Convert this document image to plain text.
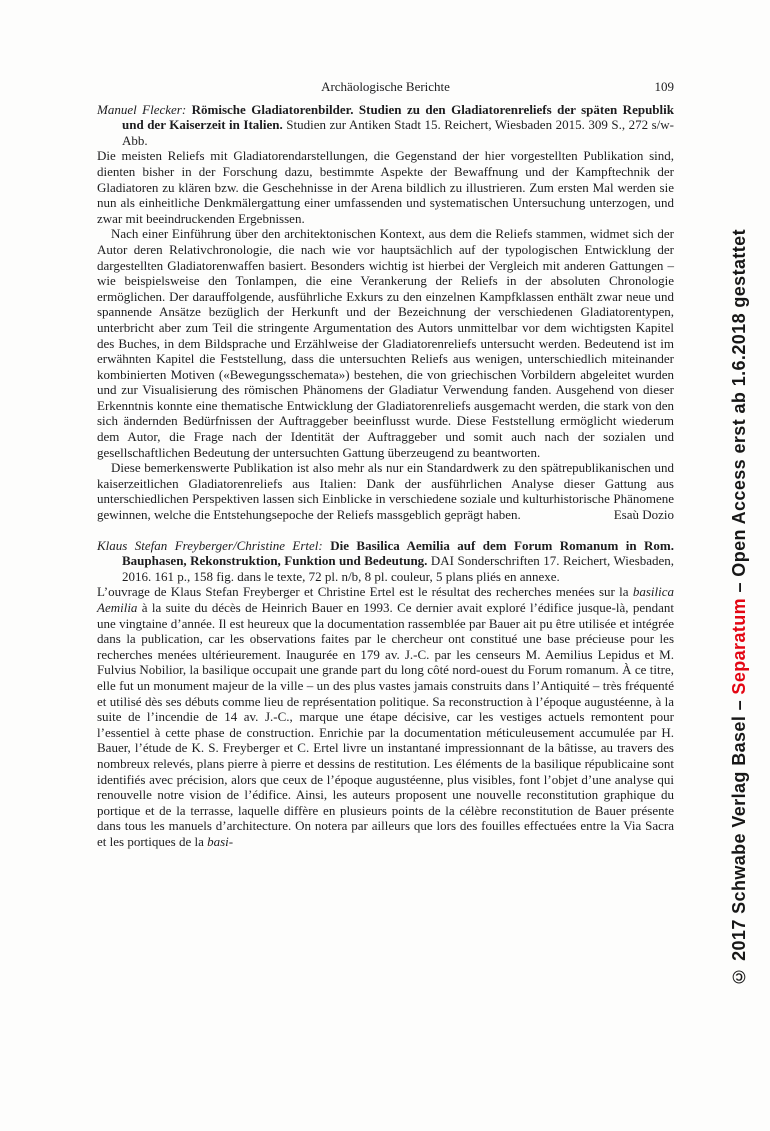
Archäologische Berichte	109

Manuel Flecker: Römische Gladiatorenbilder. Studien zu den Gladiatorenreliefs der späten Republik und der Kaiserzeit in Italien. Studien zur Antiken Stadt 15. Reichert, Wiesbaden 2015. 309 S., 272 s/w-Abb.

Die meisten Reliefs mit Gladiatorendarstellungen, die Gegenstand der hier vorgestellten Publikation sind, dienten bisher in der Forschung dazu, bestimmte Aspekte der Bewaffnung und der Kampftechnik der Gladiatoren zu klären bzw. die Geschehnisse in der Arena bildlich zu illustrieren. Zum ersten Mal werden sie nun als einheitliche Denkmälergattung einer umfassenden und systematischen Untersuchung unterzogen, und zwar mit beeindruckenden Ergebnissen.

Nach einer Einführung über den architektonischen Kontext, aus dem die Reliefs stammen, widmet sich der Autor deren Relativchronologie, die nach wie vor hauptsächlich auf der typologischen Entwicklung der dargestellten Gladiatorenwaffen basiert. Besonders wichtig ist hierbei der Vergleich mit anderen Gattungen – wie beispielsweise den Tonlampen, die eine Verankerung der Reliefs in der absoluten Chronologie ermöglichen. Der darauffolgende, ausführliche Exkurs zu den einzelnen Kampfklassen enthält zwar neue und spannende Ansätze bezüglich der Herkunft und der Bezeichnung der verschiedenen Gladiatorentypen, unterbricht aber zum Teil die stringente Argumentation des Autors unmittelbar vor dem wichtigsten Kapitel des Buches, in dem Bildsprache und Erzählweise der Gladiatorenreliefs untersucht werden. Bedeutend ist im erwähnten Kapitel die Feststellung, dass die untersuchten Reliefs aus wenigen, unterschiedlich miteinander kombinierten Motiven («Bewegungsschemata») bestehen, die von griechischen Vorbildern abgeleitet wurden und zur Visualisierung des römischen Phänomens der Gladiatur Verwendung fanden. Ausgehend von dieser Erkenntnis konnte eine thematische Entwicklung der Gladiatorenreliefs ausgemacht werden, die stark von den sich ändernden Bedürfnissen der Auftraggeber beeinflusst wurde. Diese Feststellung ermöglicht wiederum dem Autor, die Frage nach der Identität der Auftraggeber und somit auch nach der sozialen und gesellschaftlichen Bedeutung der untersuchten Gattung überzeugend zu beantworten.

Diese bemerkenswerte Publikation ist also mehr als nur ein Standardwerk zu den spätrepublikanischen und kaiserzeitlichen Gladiatorenreliefs aus Italien: Dank der ausführlichen Analyse dieser Gattung aus unterschiedlichen Perspektiven lassen sich Einblicke in verschiedene soziale und kulturhistorische Phänomene gewinnen, welche die Entstehungsepoche der Reliefs massgeblich geprägt haben.	Esaù Dozio

Klaus Stefan Freyberger/Christine Ertel: Die Basilica Aemilia auf dem Forum Romanum in Rom. Bauphasen, Rekonstruktion, Funktion und Bedeutung. DAI Sonderschriften 17. Reichert, Wiesbaden, 2016. 161 p., 158 fig. dans le texte, 72 pl. n/b, 8 pl. couleur, 5 plans pliés en annexe.

L’ouvrage de Klaus Stefan Freyberger et Christine Ertel est le résultat des recherches menées sur la basilica Aemilia à la suite du décès de Heinrich Bauer en 1993. Ce dernier avait exploré l’édifice jusque-là, pendant une vingtaine d’année. Il est heureux que la documentation rassemblée par Bauer ait pu être utilisée et intégrée dans la publication, car les observations faites par le chercheur ont constitué une base précieuse pour les recherches menées ultérieurement. Inaugurée en 179 av. J.-C. par les censeurs M. Aemilius Lepidus et M. Fulvius Nobilior, la basilique occupait une grande part du long côté nord-ouest du Forum romanum. À ce titre, elle fut un monument majeur de la ville – un des plus vastes jamais construits dans l’Antiquité – très fréquenté et utilisé dès ses débuts comme lieu de représentation politique. Sa reconstruction à l’époque augustéenne, à la suite de l’incendie de 14 av. J.-C., marque une étape décisive, car les vestiges actuels remontent pour l’essentiel à cette phase de construction. Enrichie par la documentation méticuleusement accumulée par H. Bauer, l’étude de K. S. Freyberger et C. Ertel livre un instantané impressionnant de la bâtisse, au travers des nombreux relevés, plans pierre à pierre et dessins de restitution. Les éléments de la basilique républicaine sont identifiés avec précision, alors que ceux de l’époque augustéenne, plus visibles, font l’objet d’une analyse qui renouvelle notre vision de l’édifice. Ainsi, les auteurs proposent une nouvelle reconstitution graphique du portique et de la terrasse, laquelle diffère en plusieurs points de la célèbre reconstitution de Bauer présente dans tous les manuels d’architecture. On notera par ailleurs que lors des fouilles effectuées entre la Via Sacra et les portiques de la basi-	© 2017 Schwabe Verlag Basel – Separatum – Open Access erst ab 1.6.2018 gestattet
